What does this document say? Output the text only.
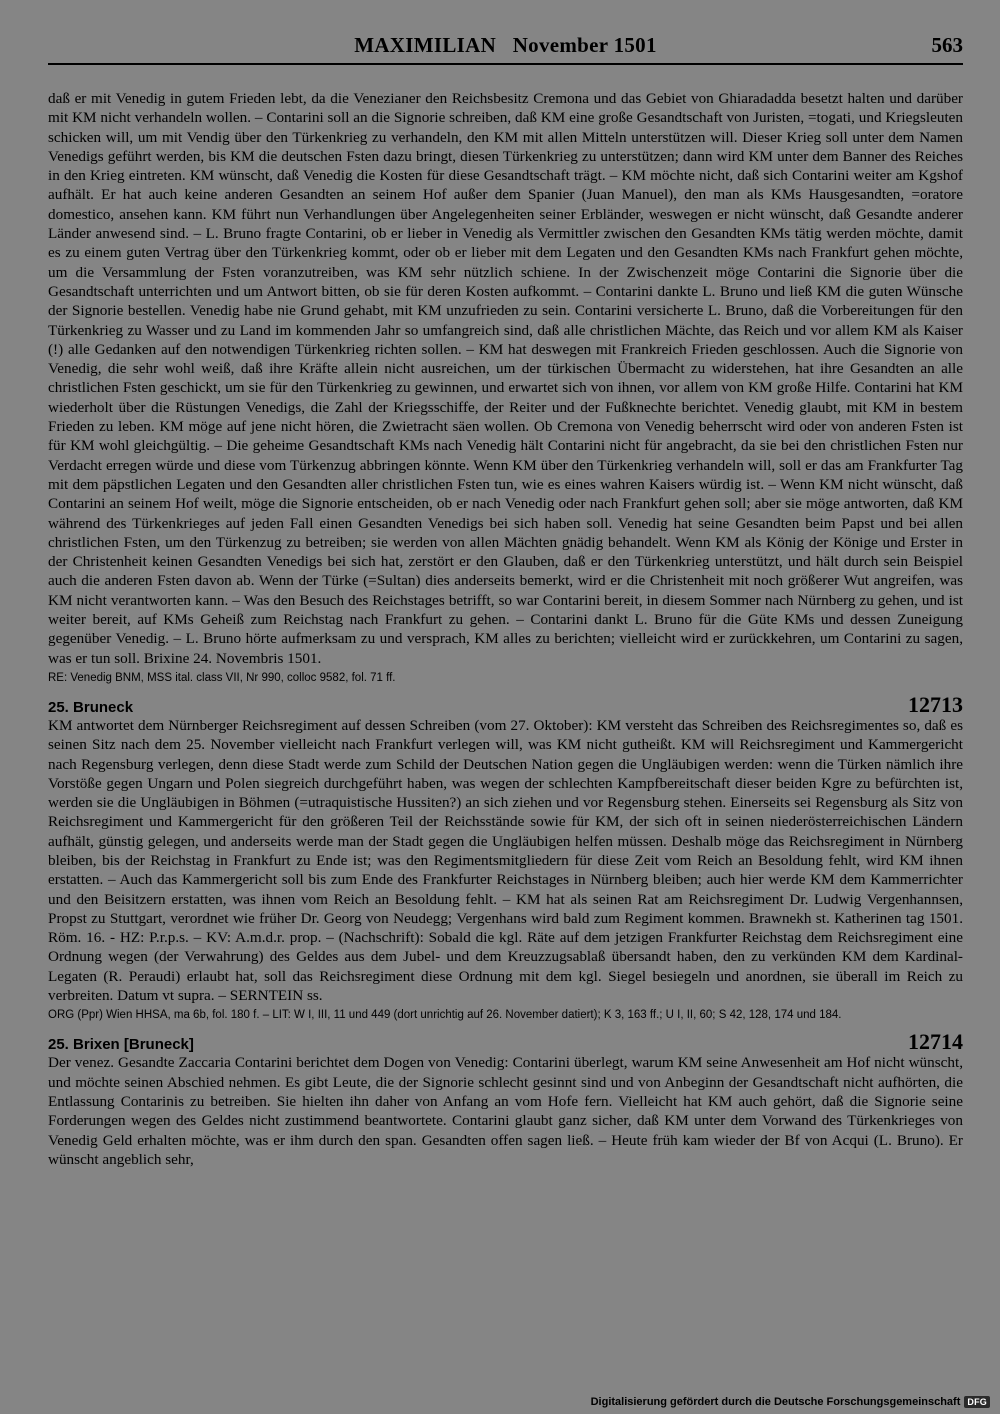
MAXIMILIAN   November 1501	563

daß er mit Venedig in gutem Frieden lebt, da die Venezianer den Reichsbesitz Cremona und das Gebiet von Ghiaradadda besetzt halten und darüber mit KM nicht verhandeln wollen. – Contarini soll an die Signorie schreiben, daß KM eine große Gesandtschaft von Juristen, =togati, und Kriegsleuten schicken will, um mit Vendig über den Türkenkrieg zu verhandeln, den KM mit allen Mitteln unterstützen will. Dieser Krieg soll unter dem Namen Venedigs geführt werden, bis KM die deutschen Fsten dazu bringt, diesen Türkenkrieg zu unterstützen; dann wird KM unter dem Banner des Reiches in den Krieg eintreten. KM wünscht, daß Venedig die Kosten für diese Gesandtschaft trägt. – KM möchte nicht, daß sich Contarini weiter am Kgshof aufhält. Er hat auch keine anderen Gesandten an seinem Hof außer dem Spanier (Juan Manuel), den man als KMs Hausgesandten, =oratore domestico, ansehen kann. KM führt nun Verhandlungen über Angelegenheiten seiner Erbländer, weswegen er nicht wünscht, daß Gesandte anderer Länder anwesend sind. – L. Bruno fragte Contarini, ob er lieber in Venedig als Vermittler zwischen den Gesandten KMs tätig werden möchte, damit es zu einem guten Vertrag über den Türkenkrieg kommt, oder ob er lieber mit dem Legaten und den Gesandten KMs nach Frankfurt gehen möchte, um die Versammlung der Fsten voranzutreiben, was KM sehr nützlich schiene. In der Zwischenzeit möge Contarini die Signorie über die Gesandtschaft unterrichten und um Antwort bitten, ob sie für deren Kosten aufkommt. – Contarini dankte L. Bruno und ließ KM die guten Wünsche der Signorie bestellen. Venedig habe nie Grund gehabt, mit KM unzufrieden zu sein. Contarini versicherte L. Bruno, daß die Vorbereitungen für den Türkenkrieg zu Wasser und zu Land im kommenden Jahr so umfangreich sind, daß alle christlichen Mächte, das Reich und vor allem KM als Kaiser (!) alle Gedanken auf den notwendigen Türkenkrieg richten sollen. – KM hat deswegen mit Frankreich Frieden geschlossen. Auch die Signorie von Venedig, die sehr wohl weiß, daß ihre Kräfte allein nicht ausreichen, um der türkischen Übermacht zu widerstehen, hat ihre Gesandten an alle christlichen Fsten geschickt, um sie für den Türkenkrieg zu gewinnen, und erwartet sich von ihnen, vor allem von KM große Hilfe. Contarini hat KM wiederholt über die Rüstungen Venedigs, die Zahl der Kriegsschiffe, der Reiter und der Fußknechte berichtet. Venedig glaubt, mit KM in bestem Frieden zu leben. KM möge auf jene nicht hören, die Zwietracht säen wollen. Ob Cremona von Venedig beherrscht wird oder von anderen Fsten ist für KM wohl gleichgültig. – Die geheime Gesandtschaft KMs nach Venedig hält Contarini nicht für angebracht, da sie bei den christlichen Fsten nur Verdacht erregen würde und diese vom Türkenzug abbringen könnte. Wenn KM über den Türkenkrieg verhandeln will, soll er das am Frankfurter Tag mit dem päpstlichen Legaten und den Gesandten aller christlichen Fsten tun, wie es eines wahren Kaisers würdig ist. – Wenn KM nicht wünscht, daß Contarini an seinem Hof weilt, möge die Signorie entscheiden, ob er nach Venedig oder nach Frankfurt gehen soll; aber sie möge antworten, daß KM während des Türkenkrieges auf jeden Fall einen Gesandten Venedigs bei sich haben soll. Venedig hat seine Gesandten beim Papst und bei allen christlichen Fsten, um den Türkenzug zu betreiben; sie werden von allen Mächten gnädig behandelt. Wenn KM als König der Könige und Erster in der Christenheit keinen Gesandten Venedigs bei sich hat, zerstört er den Glauben, daß er den Türkenkrieg unterstützt, und hält durch sein Beispiel auch die anderen Fsten davon ab. Wenn der Türke (=Sultan) dies anderseits bemerkt, wird er die Christenheit mit noch größerer Wut angreifen, was KM nicht verantworten kann. – Was den Besuch des Reichstages betrifft, so war Contarini bereit, in diesem Sommer nach Nürnberg zu gehen, und ist weiter bereit, auf KMs Geheiß zum Reichstag nach Frankfurt zu gehen. – Contarini dankt L. Bruno für die Güte KMs und dessen Zuneigung gegenüber Venedig. – L. Bruno hörte aufmerksam zu und versprach, KM alles zu berichten; vielleicht wird er zurückkehren, um Contarini zu sagen, was er tun soll. Brixine 24. Novembris 1501.

RE: Venedig BNM, MSS ital. class VII, Nr 990, colloc 9582, fol. 71 ff.
25. Bruneck	12713

KM antwortet dem Nürnberger Reichsregiment auf dessen Schreiben (vom 27. Oktober): KM versteht das Schreiben des Reichsregimentes so, daß es seinen Sitz nach dem 25. November vielleicht nach Frankfurt verlegen will, was KM nicht gutheißt. KM will Reichsregiment und Kammergericht nach Regensburg verlegen, denn diese Stadt werde zum Schild der Deutschen Nation gegen die Ungläubigen werden: wenn die Türken nämlich ihre Vorstöße gegen Ungarn und Polen siegreich durchgeführt haben, was wegen der schlechten Kampfbereitschaft dieser beiden Kgre zu befürchten ist, werden sie die Ungläubigen in Böhmen (=utraquistische Hussiten?) an sich ziehen und vor Regensburg stehen. Einerseits sei Regensburg als Sitz von Reichsregiment und Kammergericht für den größeren Teil der Reichsstände sowie für KM, der sich oft in seinen niederösterreichischen Ländern aufhält, günstig gelegen, und anderseits werde man der Stadt gegen die Ungläubigen helfen müssen. Deshalb möge das Reichsregiment in Nürnberg bleiben, bis der Reichstag in Frankfurt zu Ende ist; was den Regimentsmitgliedern für diese Zeit vom Reich an Besoldung fehlt, wird KM ihnen erstatten. – Auch das Kammergericht soll bis zum Ende des Frankfurter Reichstages in Nürnberg bleiben; auch hier werde KM dem Kammerrichter und den Beisitzern erstatten, was ihnen vom Reich an Besoldung fehlt. – KM hat als seinen Rat am Reichsregiment Dr. Ludwig Vergenhannsen, Propst zu Stuttgart, verordnet wie früher Dr. Georg von Neudegg; Vergenhans wird bald zum Regiment kommen. Brawnekh st. Katherinen tag 1501. Röm. 16. - HZ: P.r.p.s. – KV: A.m.d.r. prop. – (Nachschrift): Sobald die kgl. Räte auf dem jetzigen Frankfurter Reichstag dem Reichsregiment eine Ordnung wegen (der Verwahrung) des Geldes aus dem Jubel- und dem Kreuzzugsablaß übersandt haben, den zu verkünden KM dem Kardinal-Legaten (R. Peraudi) erlaubt hat, soll das Reichsregiment diese Ordnung mit dem kgl. Siegel besiegeln und anordnen, sie überall im Reich zu verbreiten. Datum vt supra. – SERNTEIN ss.

ORG (Ppr) Wien HHSA, ma 6b, fol. 180 f. – LIT: W I, III, 11 und 449 (dort unrichtig auf 26. November datiert); K 3, 163 ff.; U I, II, 60; S 42, 128, 174 und 184.
25. Brixen [Bruneck]	12714

Der venez. Gesandte Zaccaria Contarini berichtet dem Dogen von Venedig: Contarini überlegt, warum KM seine Anwesenheit am Hof nicht wünscht, und möchte seinen Abschied nehmen. Es gibt Leute, die der Signorie schlecht gesinnt sind und von Anbeginn der Gesandtschaft nicht aufhörten, die Entlassung Contarinis zu betreiben. Sie hielten ihn daher von Anfang an vom Hofe fern. Vielleicht hat KM auch gehört, daß die Signorie seine Forderungen wegen des Geldes nicht zustimmend beantwortete. Contarini glaubt ganz sicher, daß KM unter dem Vorwand des Türkenkrieges von Venedig Geld erhalten möchte, was er ihm durch den span. Gesandten offen sagen ließ. – Heute früh kam wieder der Bf von Acqui (L. Bruno). Er wünscht angeblich sehr,

Digitalisierung gefördert durch die Deutsche Forschungsgemeinschaft DFG
